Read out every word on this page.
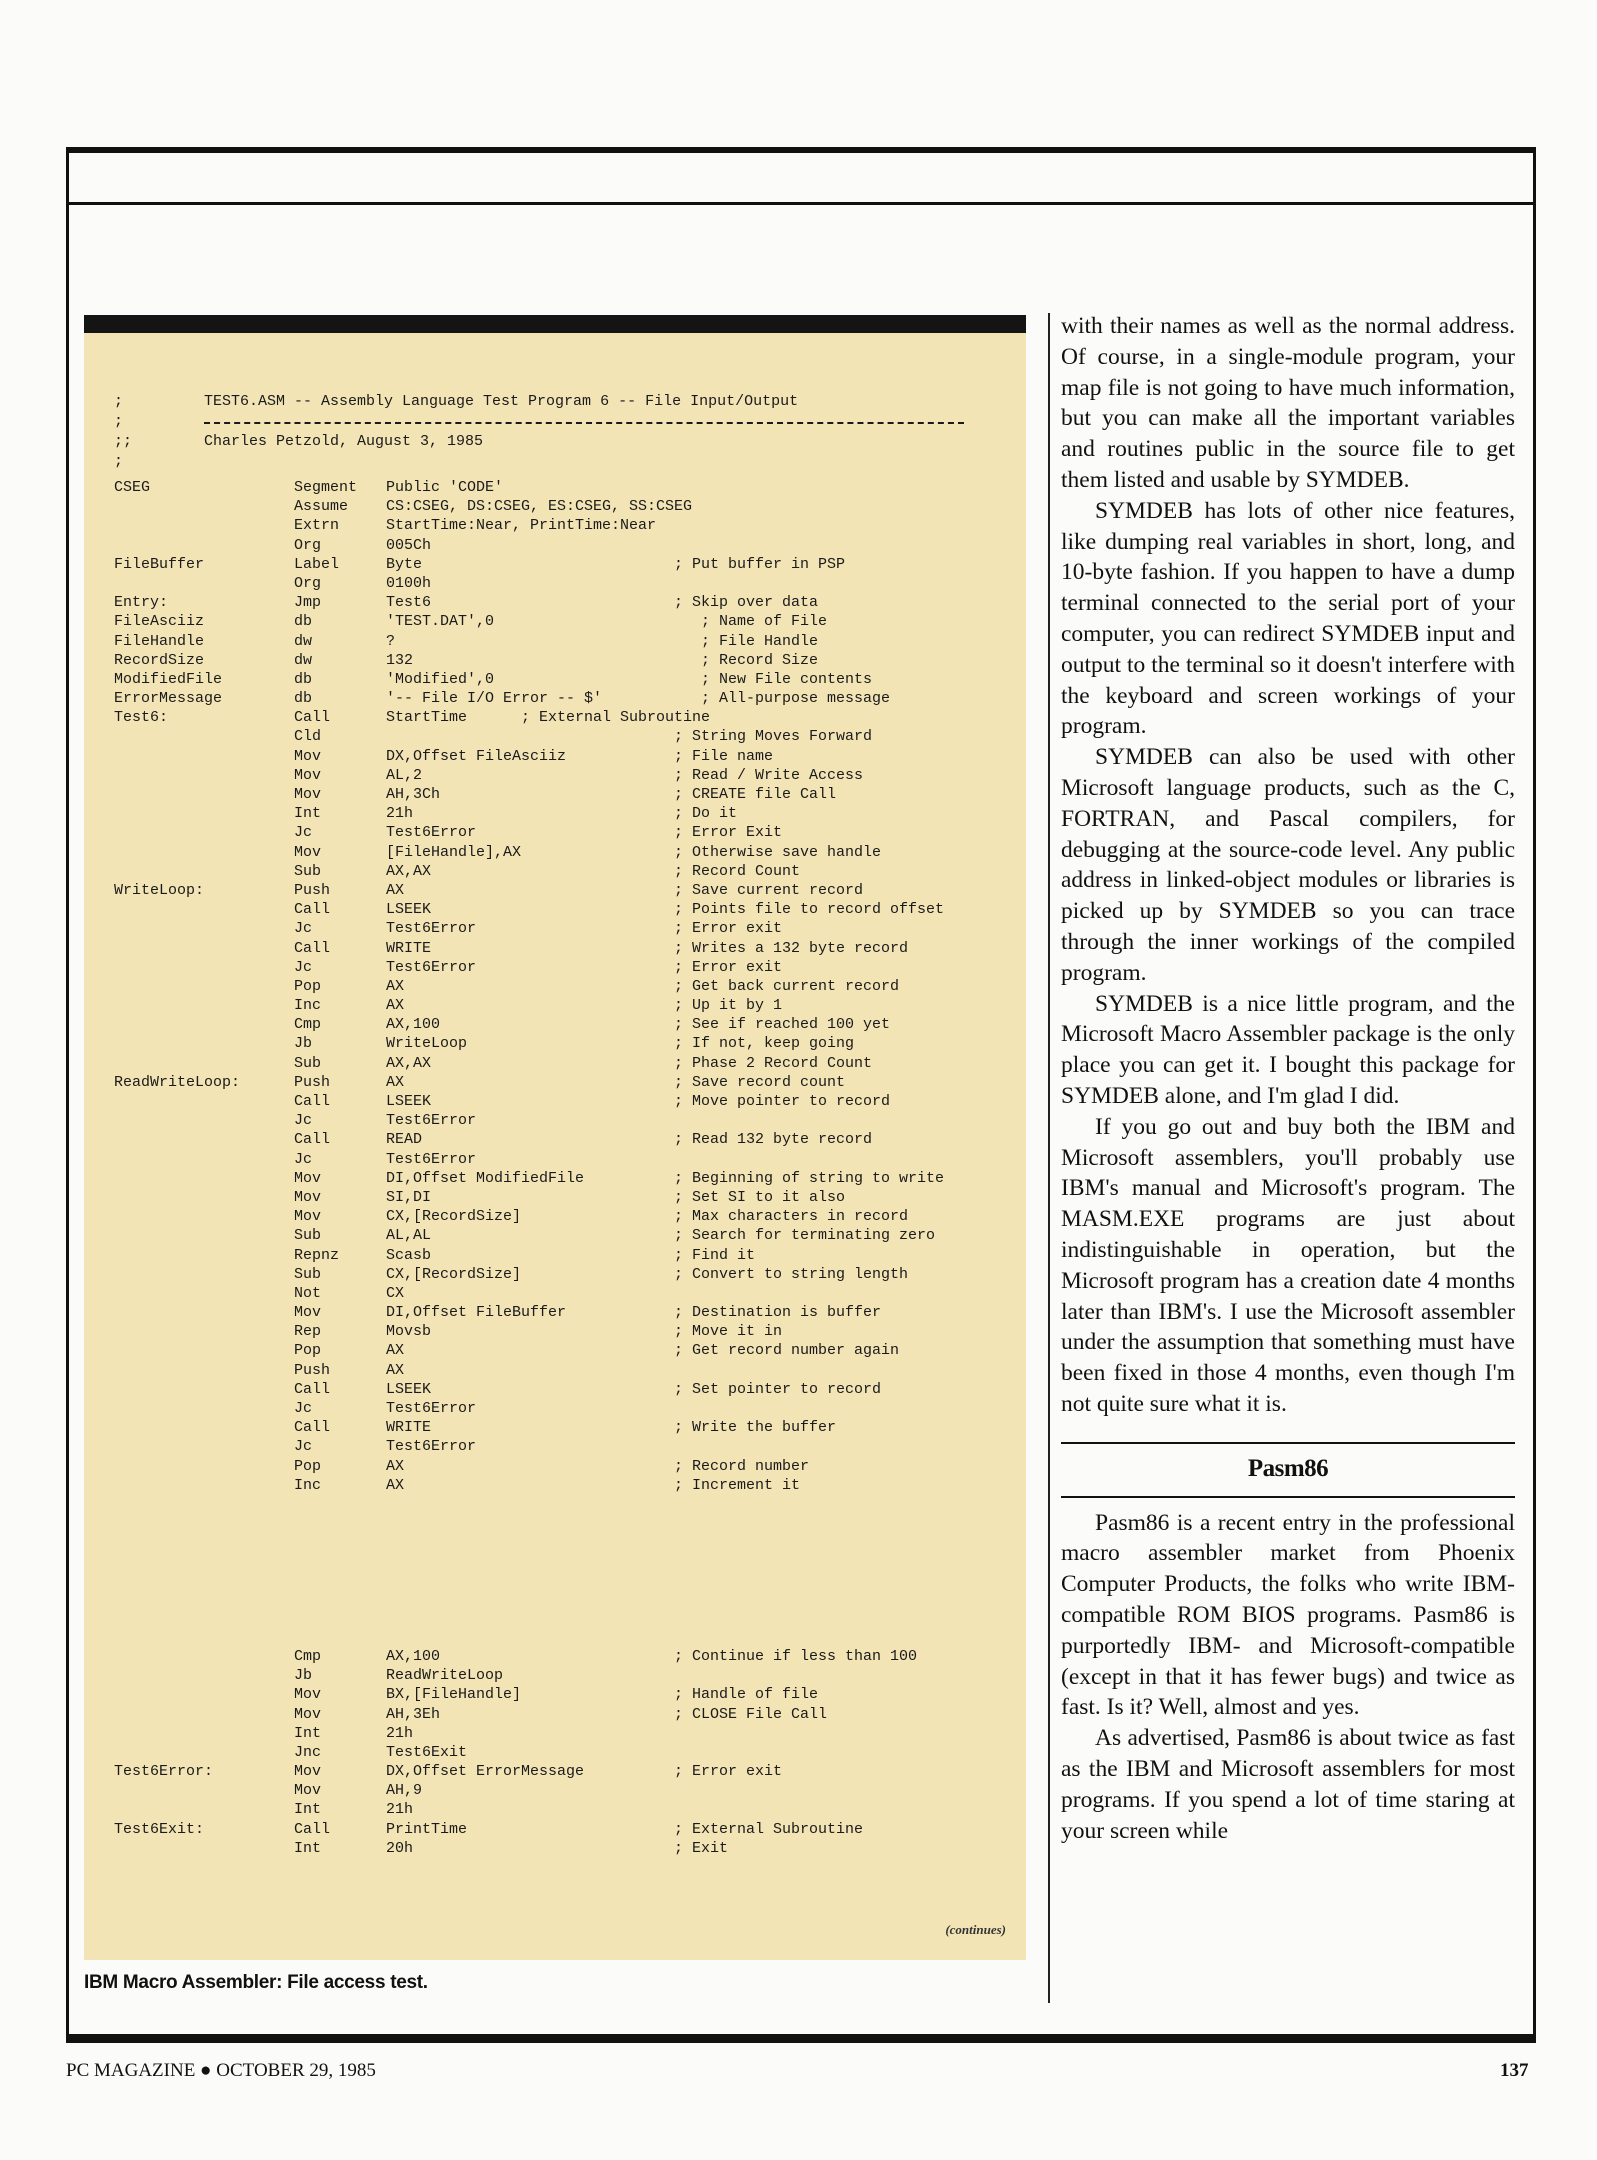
;	TEST6.ASM -- Assembly Language Test Program 6 -- File Input/Output
;
;;	Charles Petzold, August 3, 1985
;
CSEG	Segment Public 'CODE'
Assume	CS:CSEG, DS:CSEG, ES:CSEG, SS:CSEG
Extrn	StartTime:Near, PrintTime:Near
Org	005Ch
FileBuffer	Label	Byte	; Put buffer in PSP
Org	0100h
Entry:	Jmp	Test6	; Skip over data
FileAsciiz	db	'TEST.DAT',0	; Name of File
FileHandle	dw	?	; File Handle
RecordSize	dw	132	; Record Size
ModifiedFile	db	'Modified',0	; New File contents
ErrorMessage	db	'-- File I/O Error -- $'	; All-purpose message
Test6:	Call	StartTime      ; External Subroutine
Cld	; String Moves Forward
Mov	DX,Offset FileAsciiz	; File name
Mov	AL,2	; Read / Write Access
Mov	AH,3Ch	; CREATE file Call
Int	21h	; Do it
Jc	Test6Error	; Error Exit
Mov	[FileHandle],AX	; Otherwise save handle
Sub	AX,AX	; Record Count
WriteLoop:	Push	AX	; Save current record
Call	LSEEK	; Points file to record offset
Jc	Test6Error	; Error exit
Call	WRITE	; Writes a 132 byte record
Jc	Test6Error	; Error exit
Pop	AX	; Get back current record
Inc	AX	; Up it by 1
Cmp	AX,100	; See if reached 100 yet
Jb	WriteLoop	; If not, keep going
Sub	AX,AX	; Phase 2 Record Count
ReadWriteLoop:	Push	AX	; Save record count
Call	LSEEK	; Move pointer to record
Jc	Test6Error
Call	READ	; Read 132 byte record
Jc	Test6Error
Mov	DI,Offset ModifiedFile	; Beginning of string to write
Mov	SI,DI	; Set SI to it also
Mov	CX,[RecordSize]	; Max characters in record
Sub	AL,AL	; Search for terminating zero
Repnz	Scasb	; Find it
Sub	CX,[RecordSize]	; Convert to string length
Not	CX
Mov	DI,Offset FileBuffer	; Destination is buffer
Rep	Movsb	; Move it in
Pop	AX	; Get record number again
Push	AX
Call	LSEEK	; Set pointer to record
Jc	Test6Error
Call	WRITE	; Write the buffer
Jc	Test6Error
Pop	AX	; Record number
Inc	AX	; Increment it
Cmp	AX,100	; Continue if less than 100
Jb	ReadWriteLoop
Mov	BX,[FileHandle]	; Handle of file
Mov	AH,3Eh	; CLOSE File Call
Int	21h
Jnc	Test6Exit
Test6Error:	Mov	DX,Offset ErrorMessage	; Error exit
Mov	AH,9
Int	21h
Test6Exit:	Call	PrintTime	; External Subroutine
Int	20h	; Exit
(continues)
IBM Macro Assembler: File access test.

with their names as well as the normal address. Of course, in a single-module program, your map file is not going to have much information, but you can make all the important variables and routines public in the source file to get them listed and usable by SYMDEB.

SYMDEB has lots of other nice features, like dumping real variables in short, long, and 10-byte fashion. If you happen to have a dump terminal connected to the serial port of your computer, you can redirect SYMDEB input and output to the terminal so it doesn't interfere with the keyboard and screen workings of your program.

SYMDEB can also be used with other Microsoft language products, such as the C, FORTRAN, and Pascal compilers, for debugging at the source-code level. Any public address in linked-object modules or libraries is picked up by SYMDEB so you can trace through the inner workings of the compiled program.

SYMDEB is a nice little program, and the Microsoft Macro Assembler package is the only place you can get it. I bought this package for SYMDEB alone, and I'm glad I did.

If you go out and buy both the IBM and Microsoft assemblers, you'll probably use IBM's manual and Microsoft's program. The MASM.EXE programs are just about indistinguishable in operation, but the Microsoft program has a creation date 4 months later than IBM's. I use the Microsoft assembler under the assumption that something must have been fixed in those 4 months, even though I'm not quite sure what it is.

Pasm86

Pasm86 is a recent entry in the professional macro assembler market from Phoenix Computer Products, the folks who write IBM-compatible ROM BIOS programs. Pasm86 is purportedly IBM- and Microsoft-compatible (except in that it has fewer bugs) and twice as fast. Is it? Well, almost and yes.

As advertised, Pasm86 is about twice as fast as the IBM and Microsoft assemblers for most programs. If you spend a lot of time staring at your screen while

PC MAGAZINE ● OCTOBER 29, 1985	137
